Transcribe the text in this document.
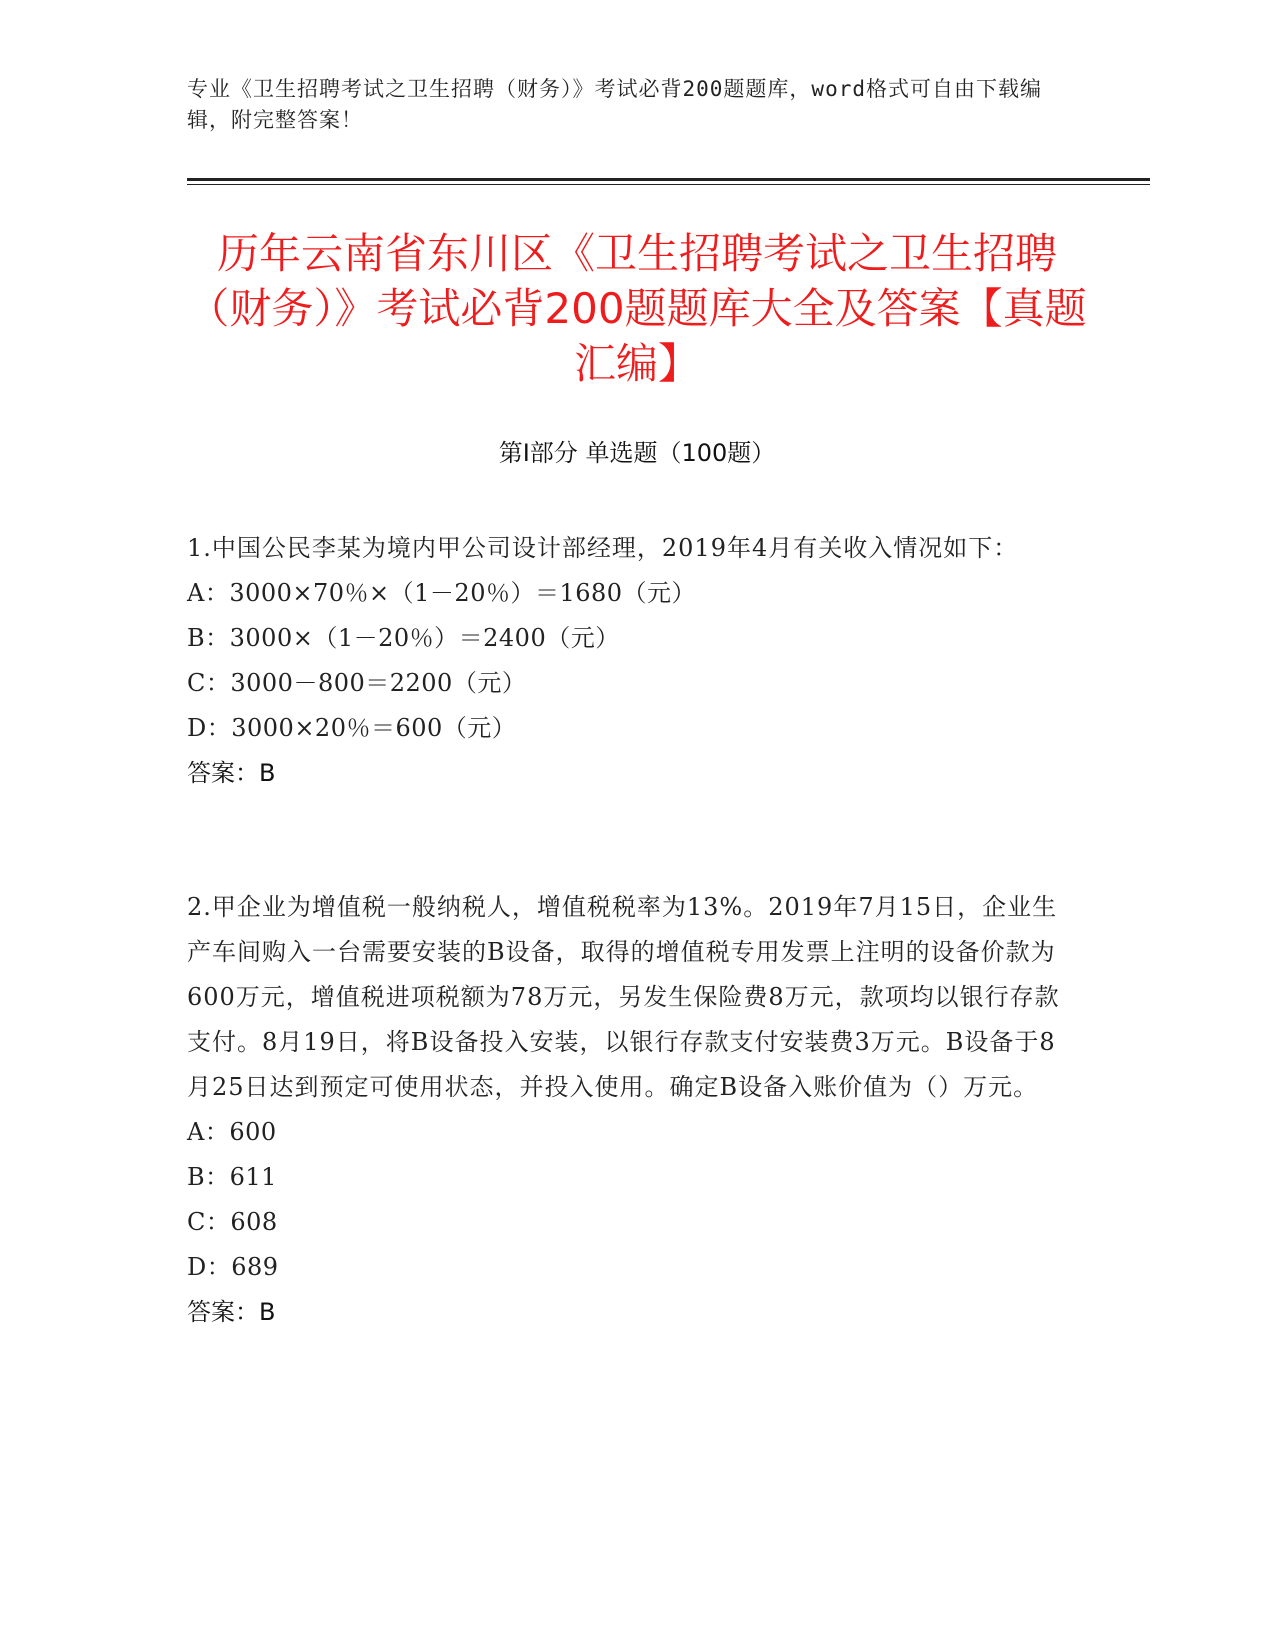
专业《卫生招聘考试之卫生招聘（财务）》考试必背200题题库，word格式可自由下载编辑，附完整答案！
历年云南省东川区《卫生招聘考试之卫生招聘（财务）》考试必背200题题库大全及答案【真题汇编】
第Ⅰ部分 单选题（100题）
1.中国公民李某为境内甲公司设计部经理，2019年4月有关收入情况如下：
A：3000×70％×（1－20％）＝1680（元）
B：3000×（1－20％）＝2400（元）
C：3000－800＝2200（元）
D：3000×20％＝600（元）
答案：B
2.甲企业为增值税一般纳税人，增值税税率为13%。2019年7月15日，企业生产车间购入一台需要安装的B设备，取得的增值税专用发票上注明的设备价款为600万元，增值税进项税额为78万元，另发生保险费8万元，款项均以银行存款支付。8月19日，将B设备投入安装，以银行存款支付安装费3万元。B设备于8月25日达到预定可使用状态，并投入使用。确定B设备入账价值为（）万元。
A：600
B：611
C：608
D：689
答案：B
